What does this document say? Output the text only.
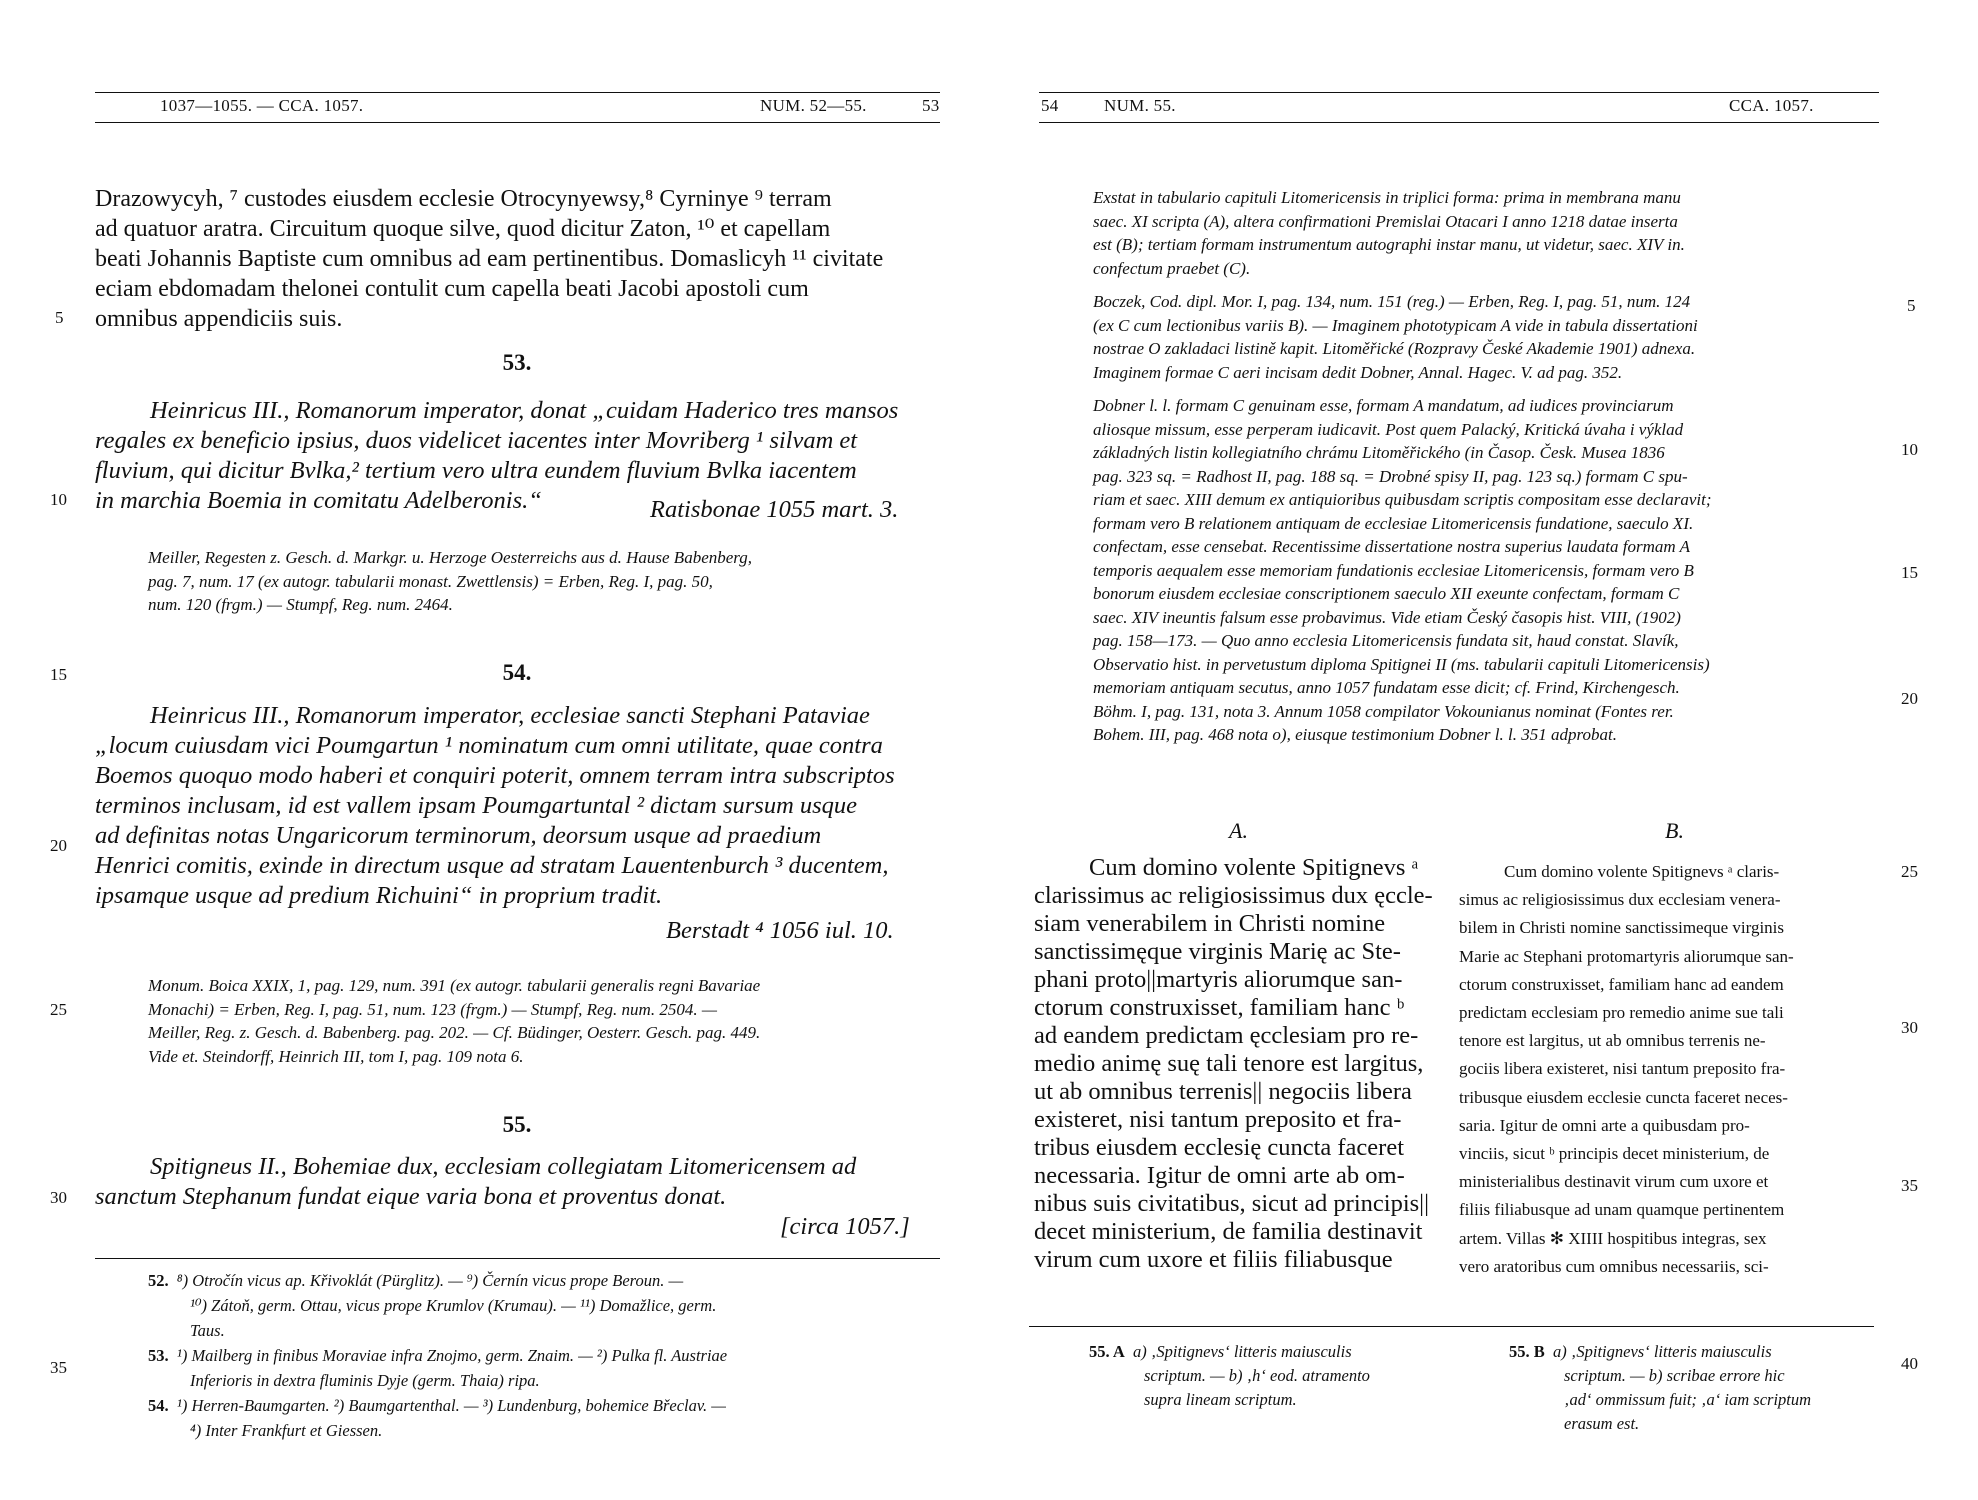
1037—1055. — CCA. 1057.	NUM. 52—55.	53
Drazowycyh, ⁷ custodes eiusdem ecclesie Otrocynyewsy,⁸ Cyrninye ⁹ terram
ad quatuor aratra. Circuitum quoque silve, quod dicitur Zaton, ¹⁰ et capellam
beati Johannis Baptiste cum omnibus ad eam pertinentibus. Domaslicyh ¹¹ civitate
eciam ebdomadam thelonei contulit cum capella beati Jacobi apostoli cum
omnibus appendiciis suis.
53.
Heinricus III., Romanorum imperator, donat „cuidam Haderico tres mansos
regales ex beneficio ipsius, duos videlicet iacentes inter Movriberg ¹ silvam et
fluvium, qui dicitur Bvlka,² tertium vero ultra eundem fluvium Bvlka iacentem
in marchia Boemia in comitatu Adelberonis.“	Ratisbonae 1055 mart. 3.
Meiller, Regesten z. Gesch. d. Markgr. u. Herzoge Oesterreichs aus d. Hause Babenberg,
pag. 7, num. 17 (ex autogr. tabularii monast. Zwettlensis) = Erben, Reg. I, pag. 50,
num. 120 (frgm.) — Stumpf, Reg. num. 2464.
54.
Heinricus III., Romanorum imperator, ecclesiae sancti Stephani Pataviae
„locum cuiusdam vici Poumgartun ¹ nominatum cum omni utilitate, quae contra
Boemos quoquo modo haberi et conquiri poterit, omnem terram intra subscriptos
terminos inclusam, id est vallem ipsam Poumgartuntal ² dictam sursum usque
ad definitas notas Ungaricorum terminorum, deorsum usque ad praedium
Henrici comitis, exinde in directum usque ad stratam Lauentenburch ³ ducentem,
ipsamque usque ad predium Richuini“ in proprium tradit.
Berstadt ⁴ 1056 iul. 10.
Monum. Boica XXIX, 1, pag. 129, num. 391 (ex autogr. tabularii generalis regni Bavariae
Monachi) = Erben, Reg. I, pag. 51, num. 123 (frgm.) — Stumpf, Reg. num. 2504. —
Meiller, Reg. z. Gesch. d. Babenberg. pag. 202. — Cf. Büdinger, Oesterr. Gesch. pag. 449.
Vide et. Steindorff, Heinrich III, tom I, pag. 109 nota 6.
55.
Spitigneus II., Bohemiae dux, ecclesiam collegiatam Litomericensem ad
sanctum Stephanum fundat eique varia bona et proventus donat.
[circa 1057.]
52. ⁸) Otročín vicus ap. Křivoklát (Pürglitz). — ⁹) Černín vicus prope Beroun. —
¹⁰) Zátoň, germ. Ottau, vicus prope Krumlov (Krumau). — ¹¹) Domažlice, germ.
Taus.
53. ¹) Mailberg in finibus Moraviae infra Znojmo, germ. Znaim. — ²) Pulka fl. Austriae
Inferioris in dextra fluminis Dyje (germ. Thaia) ripa.
54. ¹) Herren-Baumgarten. ²) Baumgartenthal. — ³) Lundenburg, bohemice Břeclav. —
⁴) Inter Frankfurt et Giessen.
5
10
15
20
25
30
35
54	NUM. 55.	CCA. 1057.
Exstat in tabulario capituli Litomericensis in triplici forma: prima in membrana manu
saec. XI scripta (A), altera confirmationi Premislai Otacari I anno 1218 datae inserta
est (B); tertiam formam instrumentum autographi instar manu, ut videtur, saec. XIV in.
confectum praebet (C).
Boczek, Cod. dipl. Mor. I, pag. 134, num. 151 (reg.) — Erben, Reg. I, pag. 51, num. 124
(ex C cum lectionibus variis B). — Imaginem phototypicam A vide in tabula dissertationi
nostrae O zakladaci listině kapit. Litoměřické (Rozpravy České Akademie 1901) adnexa.
Imaginem formae C aeri incisam dedit Dobner, Annal. Hagec. V. ad pag. 352.
Dobner l. l. formam C genuinam esse, formam A mandatum, ad iudices provinciarum
aliosque missum, esse perperam iudicavit. Post quem Palacký, Kritická úvaha i výklad
základných listin kollegiatního chrámu Litoměřického (in Časop. Česk. Musea 1836
pag. 323 sq. = Radhost II, pag. 188 sq. = Drobné spisy II, pag. 123 sq.) formam C spu-
riam et saec. XIII demum ex antiquioribus quibusdam scriptis compositam esse declaravit;
formam vero B relationem antiquam de ecclesiae Litomericensis fundatione, saeculo XI.
confectam, esse censebat. Recentissime dissertatione nostra superius laudata formam A
temporis aequalem esse memoriam fundationis ecclesiae Litomericensis, formam vero B
bonorum eiusdem ecclesiae conscriptionem saeculo XII exeunte confectam, formam C
saec. XIV ineuntis falsum esse probavimus. Vide etiam Český časopis hist. VIII, (1902)
pag. 158—173. — Quo anno ecclesia Litomericensis fundata sit, haud constat. Slavík,
Observatio hist. in pervetustum diploma Spitignei II (ms. tabularii capituli Litomericensis)
memoriam antiquam secutus, anno 1057 fundatam esse dicit; cf. Frind, Kirchengesch.
Böhm. I, pag. 131, nota 3. Annum 1058 compilator Vokounianus nominat (Fontes rer.
Bohem. III, pag. 468 nota o), eiusque testimonium Dobner l. l. 351 adprobat.
A.	B.
Cum domino volente Spitignevs ᵃ
clarissimus ac religiosissimus dux ęccle-
siam venerabilem in Christi nomine
sanctissimęque virginis Marię ac Ste-
phani proto||martyris aliorumque san-
ctorum construxisset, familiam hanc ᵇ
ad eandem predictam ęcclesiam pro re-
medio animę suę tali tenore est largitus,
ut ab omnibus terrenis|| negociis libera
existeret, nisi tantum preposito et fra-
tribus eiusdem ecclesię cuncta faceret
necessaria. Igitur de omni arte ab om-
nibus suis civitatibus, sicut ad principis||
decet ministerium, de familia destinavit
virum cum uxore et filiis filiabusque
Cum domino volente Spitignevs ᵃ claris-
simus ac religiosissimus dux ecclesiam venera-
bilem in Christi nomine sanctissimeque virginis
Marie ac Stephani protomartyris aliorumque san-
ctorum construxisset, familiam hanc ad eandem
predictam ecclesiam pro remedio anime sue tali
tenore est largitus, ut ab omnibus terrenis ne-
gociis libera existeret, nisi tantum preposito fra-
tribusque eiusdem ecclesie cuncta faceret neces-
saria. Igitur de omni arte a quibusdam pro-
vinciis, sicut ᵇ principis decet ministerium, de
ministerialibus destinavit virum cum uxore et
filiis filiabusque ad unam quamque pertinentem
artem. Villas ✻ XIIII hospitibus integras, sex
vero aratoribus cum omnibus necessariis, sci-
55. A a) ‚Spitignevs‘ litteris maiusculis
scriptum. — b) ‚h‘ eod. atramento
supra lineam scriptum.
55. B a) ‚Spitignevs‘ litteris maiusculis
scriptum. — b) scribae errore hic
‚ad‘ ommissum fuit; ‚a‘ iam scriptum
erasum est.
5
10
15
20
25
30
35
40
